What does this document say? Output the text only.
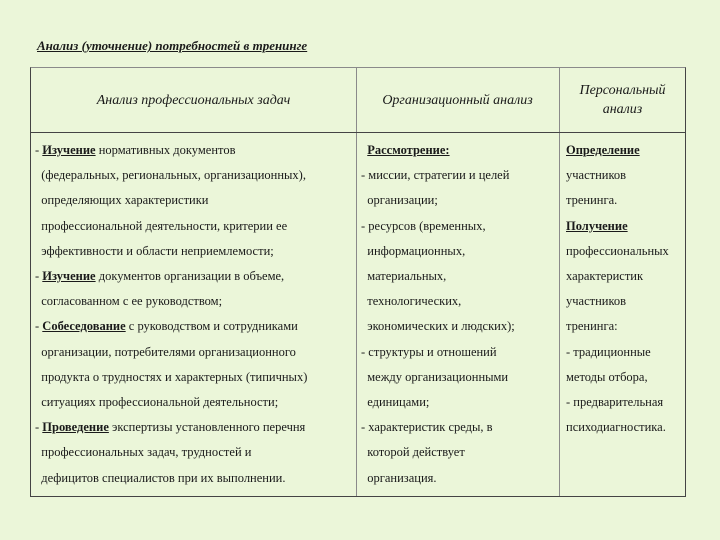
Анализ (уточнение) потребностей в тренинге
Анализ профессиональных задач	Организационный анализ
Персональный
анализ
- Изучение нормативных документов
(федеральных, региональных, организационных),
определяющих характеристики
профессиональной деятельности, критерии ее
эффективности и области неприемлемости;
- Изучение документов организации в объеме,
согласованном с ее руководством;
- Собеседование с руководством и сотрудниками
организации, потребителями организационного
продукта о трудностях и характерных (типичных)
ситуациях профессиональной деятельности;
- Проведение экспертизы установленного перечня
профессиональных задач, трудностей и
дефицитов специалистов при их выполнении.
Рассмотрение:
- миссии, стратегии и целей
организации;
- ресурсов (временных,
информационных,
материальных,
технологических,
экономических и людских);
- структуры и отношений
между организационными
единицами;
- характеристик среды, в
которой действует
организация.
Определение
участников
тренинга.
Получение
профессиональных
характеристик
участников
тренинга:
- традиционные
методы отбора,
- предварительная
психодиагностика.
